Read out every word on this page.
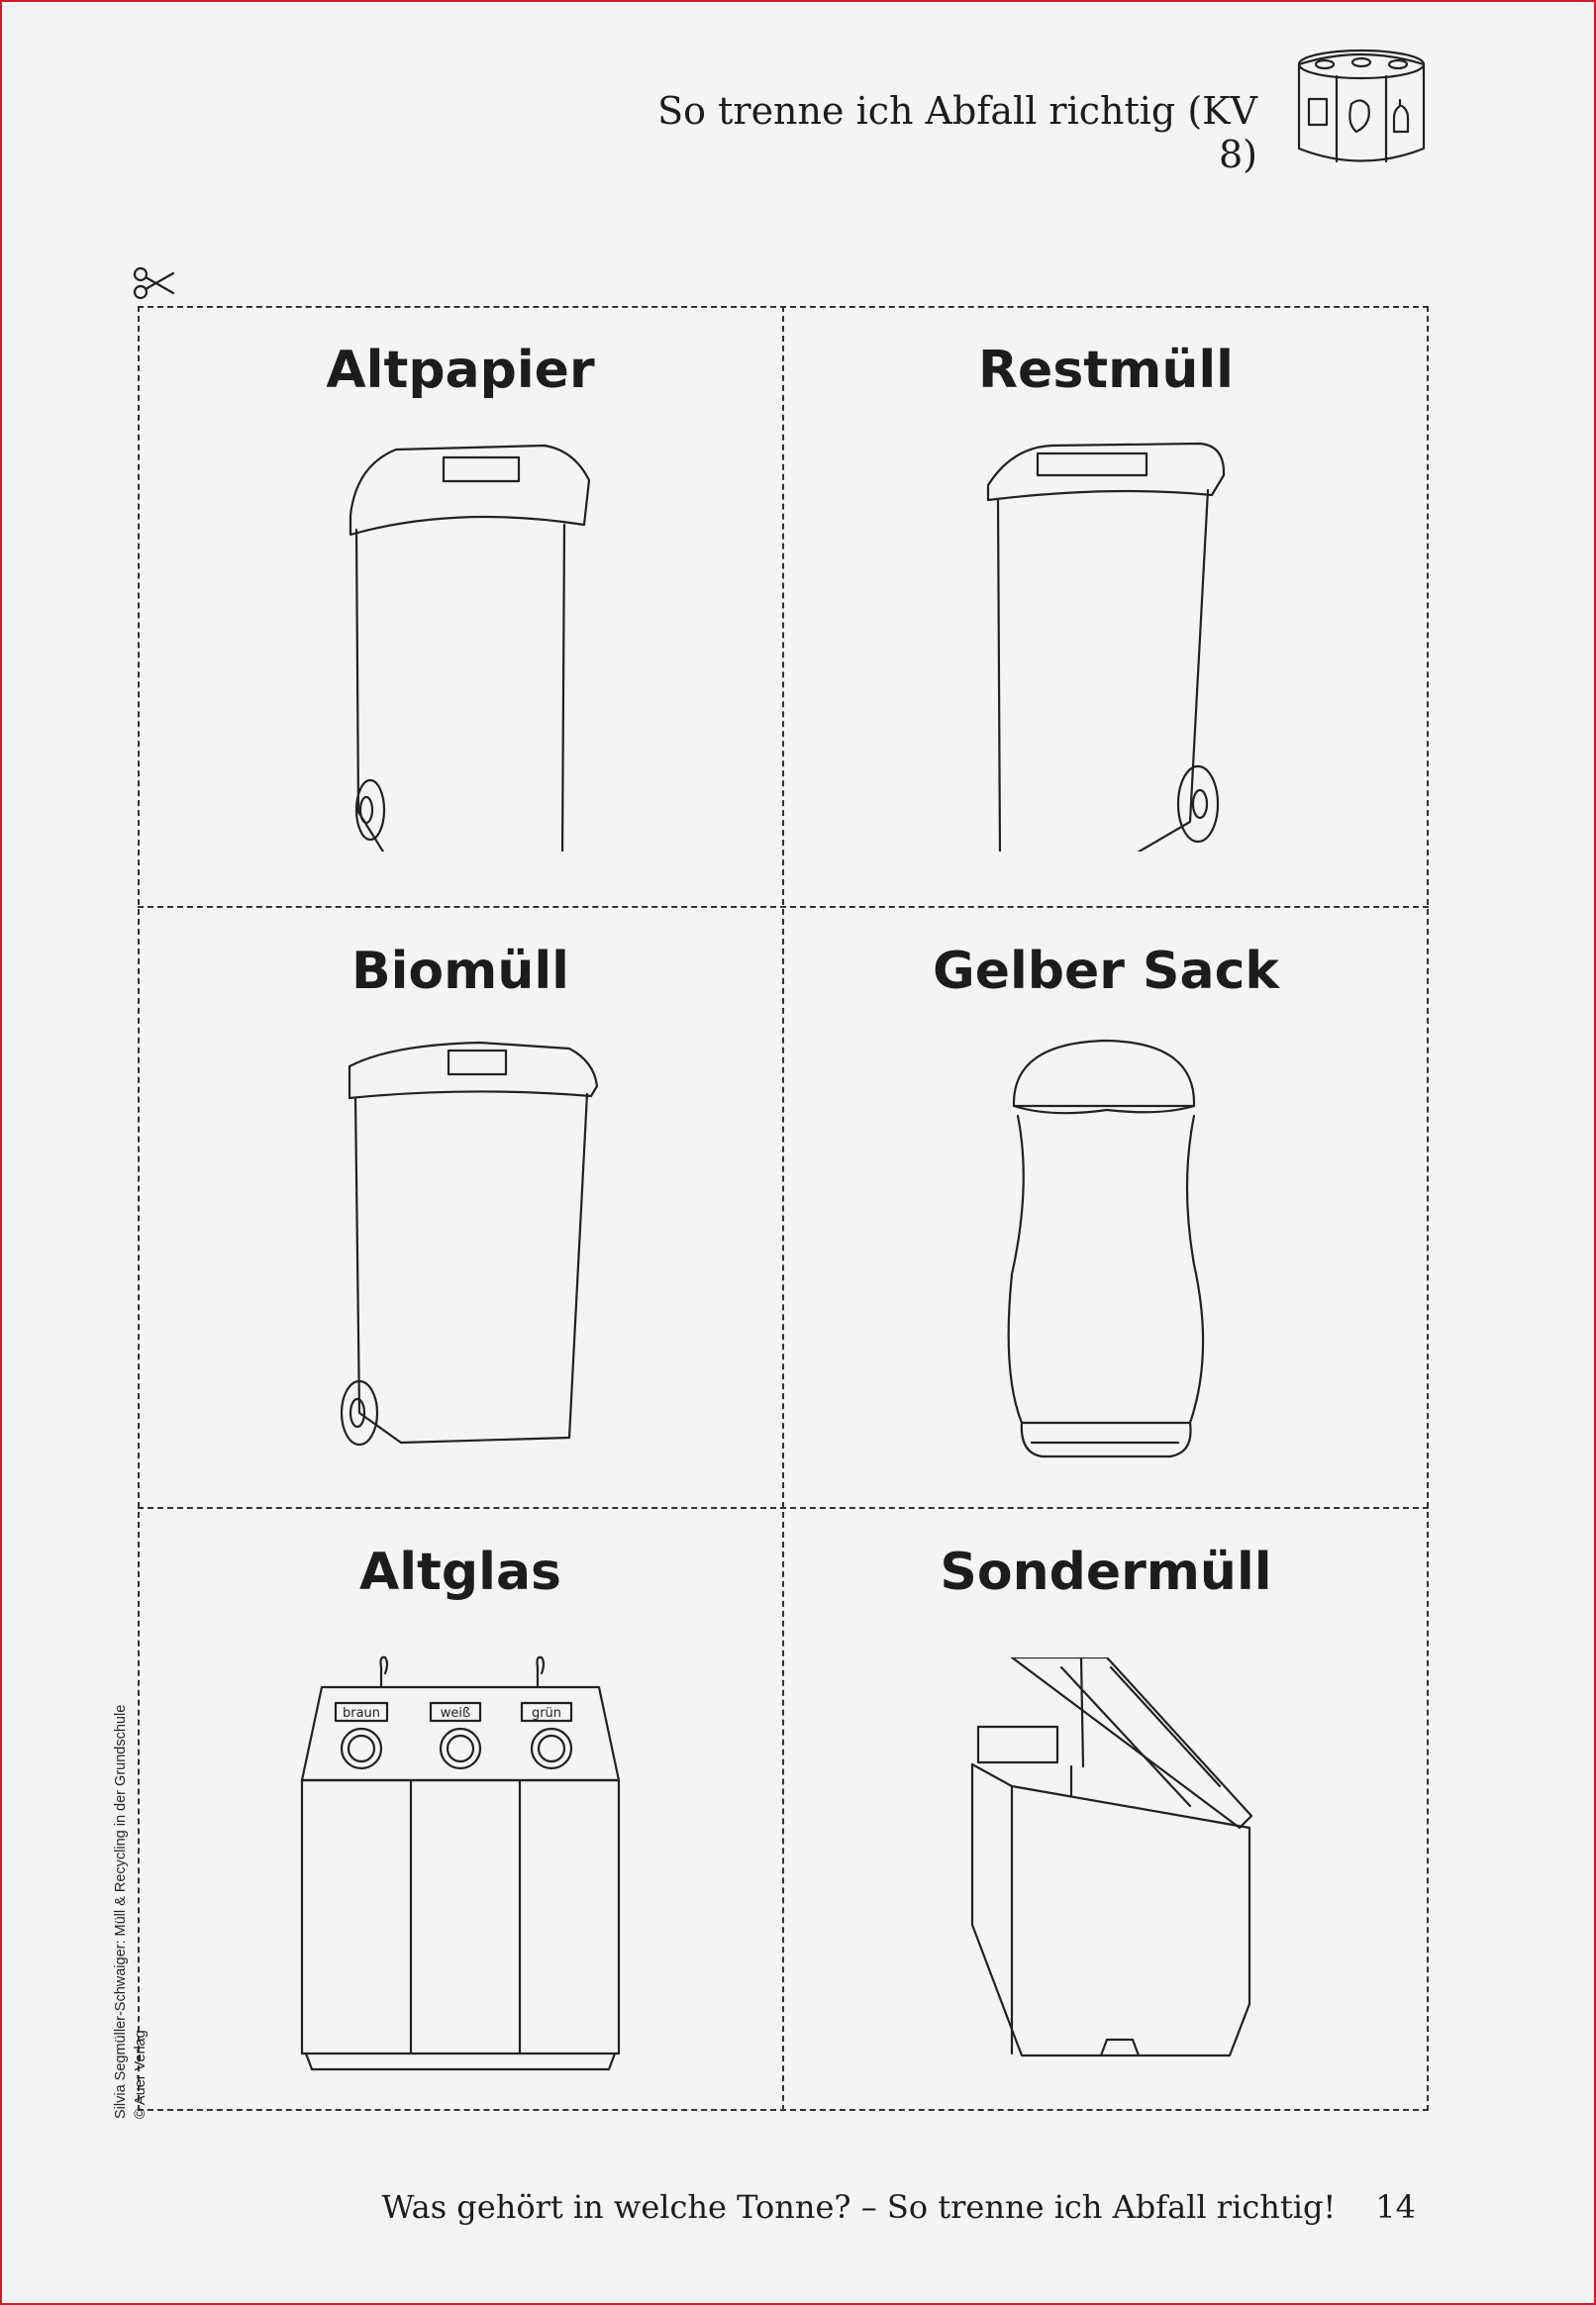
So trenne ich Abfall richtig (KV 8)
Altpapier	Restmüll
Biomüll	Gelber Sack
Altglas
braun	weiß	grün
Sondermüll
Silvia Segmüller-Schwaiger: Müll & Recycling in der Grundschule © Auer Verlag
Was gehört in welche Tonne? – So trenne ich Abfall richtig! 14
